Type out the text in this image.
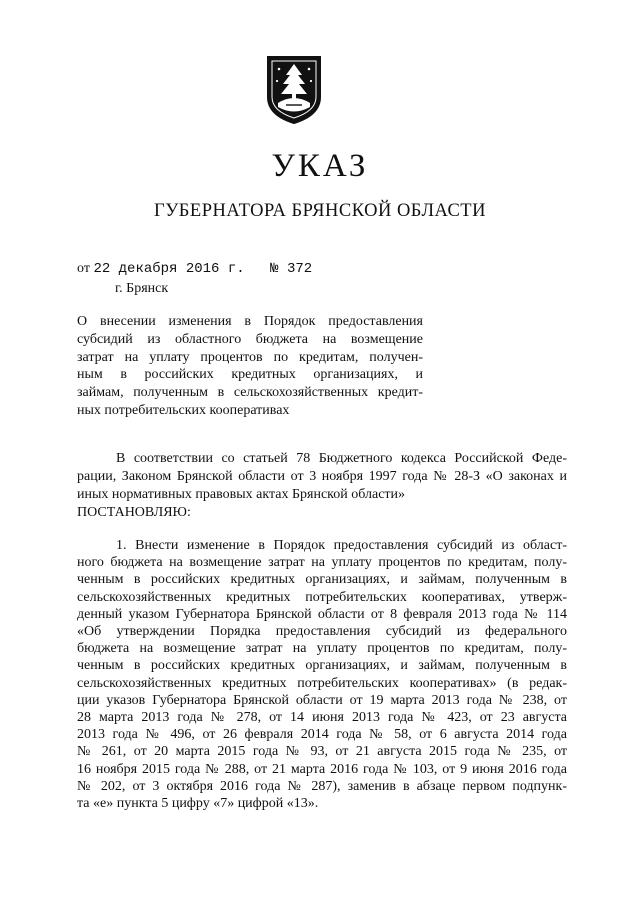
УКАЗ
ГУБЕРНАТОРА БРЯНСКОЙ ОБЛАСТИ
от 22 декабря 2016 г. № 372
г. Брянск
О внесении изменения в Порядок предоставления
субсидий из областного бюджета на возмещение
затрат на уплату процентов по кредитам, получен-
ным в российских кредитных организациях, и
займам, полученным в сельскохозяйственных кредит-
ных потребительских кооперативах
В соответствии со статьей 78 Бюджетного кодекса Российской Феде-
рации, Законом Брянской области от 3 ноября 1997 года № 28-З «О законах и
иных нормативных правовых актах Брянской области»
ПОСТАНОВЛЯЮ:
1. Внести изменение в Порядок предоставления субсидий из област-
ного бюджета на возмещение затрат на уплату процентов по кредитам, полу-
ченным в российских кредитных организациях, и займам, полученным в
сельскохозяйственных кредитных потребительских кооперативах, утверж-
денный указом Губернатора Брянской области от 8 февраля 2013 года № 114
«Об утверждении Порядка предоставления субсидий из федерального
бюджета на возмещение затрат на уплату процентов по кредитам, полу-
ченным в российских кредитных организациях, и займам, полученным в
сельскохозяйственных кредитных потребительских кооперативах» (в редак-
ции указов Губернатора Брянской области от 19 марта 2013 года № 238, от
28 марта 2013 года № 278, от 14 июня 2013 года № 423, от 23 августа
2013 года № 496, от 26 февраля 2014 года № 58, от 6 августа 2014 года
№ 261, от 20 марта 2015 года № 93, от 21 августа 2015 года № 235, от
16 ноября 2015 года № 288, от 21 марта 2016 года № 103, от 9 июня 2016 года
№ 202, от 3 октября 2016 года № 287), заменив в абзаце первом подпунк-
та «е» пункта 5 цифру «7» цифрой «13».
